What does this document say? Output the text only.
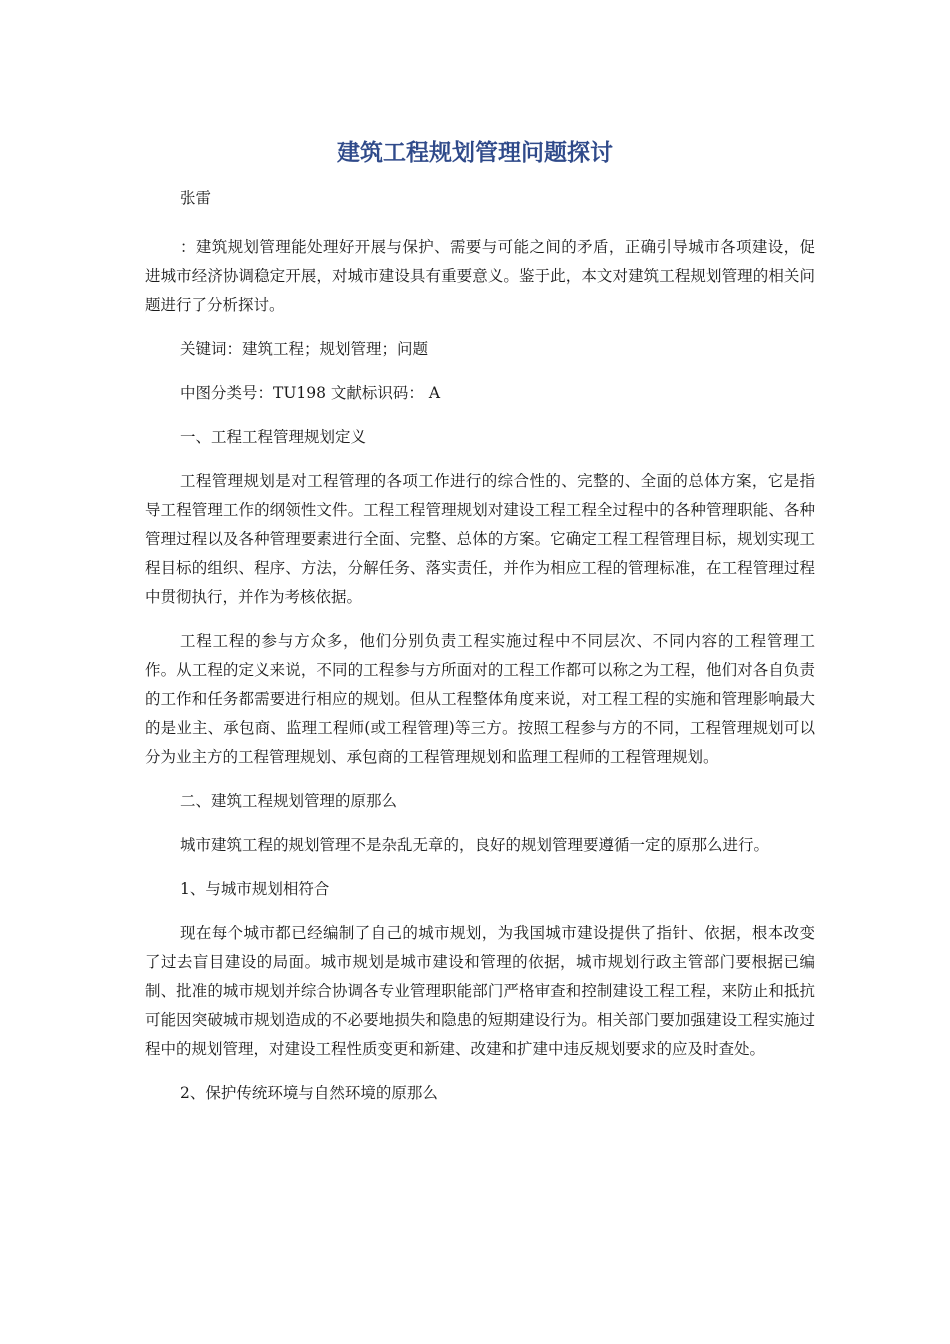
建筑工程规划管理问题探讨

张雷

：建筑规划管理能处理好开展与保护、需要与可能之间的矛盾，正确引导城市各项建设，促进城市经济协调稳定开展，对城市建设具有重要意义。鉴于此，本文对建筑工程规划管理的相关问题进行了分析探讨。

关键词：建筑工程；规划管理；问题

中图分类号：TU198 文献标识码： A

一、工程工程管理规划定义

工程管理规划是对工程管理的各项工作进行的综合性的、完整的、全面的总体方案，它是指导工程管理工作的纲领性文件。工程工程管理规划对建设工程工程全过程中的各种管理职能、各种管理过程以及各种管理要素进行全面、完整、总体的方案。它确定工程工程管理目标，规划实现工程目标的组织、程序、方法，分解任务、落实责任，并作为相应工程的管理标准，在工程管理过程中贯彻执行，并作为考核依据。

工程工程的参与方众多，他们分别负责工程实施过程中不同层次、不同内容的工程管理工作。从工程的定义来说，不同的工程参与方所面对的工程工作都可以称之为工程，他们对各自负责的工作和任务都需要进行相应的规划。但从工程整体角度来说，对工程工程的实施和管理影响最大的是业主、承包商、监理工程师(或工程管理)等三方。按照工程参与方的不同，工程管理规划可以分为业主方的工程管理规划、承包商的工程管理规划和监理工程师的工程管理规划。

二、建筑工程规划管理的原那么

城市建筑工程的规划管理不是杂乱无章的，良好的规划管理要遵循一定的原那么进行。

1、与城市规划相符合

现在每个城市都已经编制了自己的城市规划，为我国城市建设提供了指针、依据，根本改变了过去盲目建设的局面。城市规划是城市建设和管理的依据，城市规划行政主管部门要根据已编制、批准的城市规划并综合协调各专业管理职能部门严格审查和控制建设工程工程，来防止和抵抗可能因突破城市规划造成的不必要地损失和隐患的短期建设行为。相关部门要加强建设工程实施过程中的规划管理，对建设工程性质变更和新建、改建和扩建中违反规划要求的应及时查处。

2、保护传统环境与自然环境的原那么
